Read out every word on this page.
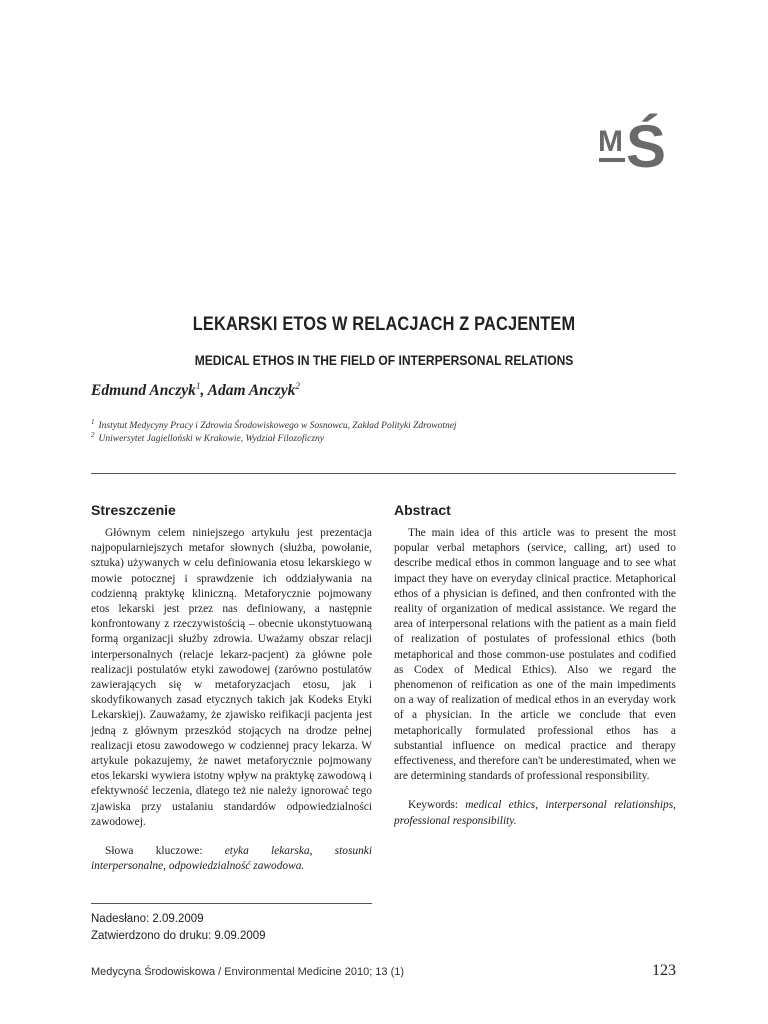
M Ś
LEKARSKI ETOS W RELACJACH Z PACJENTEM
MEDICAL ETHOS IN THE FIELD OF INTERPERSONAL RELATIONS
Edmund Anczyk$^1$, Adam Anczyk$^2$
$^1$ Instytut Medycyny Pracy i Zdrowia Środowiskowego w Sosnowcu, Zakład Polityki Zdrowotnej
$^2$ Uniwersytet Jagielloński w Krakowie, Wydział Filozoficzny
Streszczenie	Abstract

Głównym celem niniejszego artykułu jest prezentacja najpopularniejszych metafor słownych (służba, powołanie, sztuka) używanych w celu definiowania etosu lekarskiego w mowie potocznej i sprawdzenie ich oddziaływania na codzienną praktykę kliniczną. Metaforycznie pojmowany etos lekarski jest przez nas definiowany, a następnie konfrontowany z rzeczywistością – obecnie ukonstytuowaną formą organizacji służby zdrowia. Uważamy obszar relacji interpersonalnych (relacje lekarz-pacjent) za główne pole realizacji postulatów etyki zawodowej (zarówno postulatów zawierających się w metaforyzacjach etosu, jak i skodyfikowanych zasad etycznych takich jak Kodeks Etyki Lekarskiej). Zauważamy, że zjawisko reifikacji pacjenta jest jedną z głównym przeszkód stojących na drodze pełnej realizacji etosu zawodowego w codziennej pracy lekarza. W artykule pokazujemy, że nawet metaforycznie pojmowany etos lekarski wywiera istotny wpływ na praktykę zawodową i efektywność leczenia, dlatego też nie należy ignorować tego zjawiska przy ustalaniu standardów odpowiedzialności zawodowej.

Słowa kluczowe: etyka lekarska, stosunki interpersonalne, odpowiedzialność zawodowa.

The main idea of this article was to present the most popular verbal metaphors (service, calling, art) used to describe medical ethos in common language and to see what impact they have on everyday clinical practice. Metaphorical ethos of a physician is defined, and then confronted with the reality of organization of medical assistance. We regard the area of interpersonal relations with the patient as a main field of realization of postulates of professional ethics (both metaphorical and those common-use postulates and codified as Codex of Medical Ethics). Also we regard the phenomenon of reification as one of the main impediments on a way of realization of medical ethos in an everyday work of a physician. In the article we conclude that even metaphorically formulated professional ethos has a substantial influence on medical practice and therapy effectiveness, and therefore can't be underestimated, when we are determining standards of professional responsibility.

Keywords: medical ethics, interpersonal relationships, professional responsibility.

Nadesłano: 2.09.2009
Zatwierdzono do druku: 9.09.2009
Medycyna Środowiskowa / Environmental Medicine 2010; 13 (1)	123
